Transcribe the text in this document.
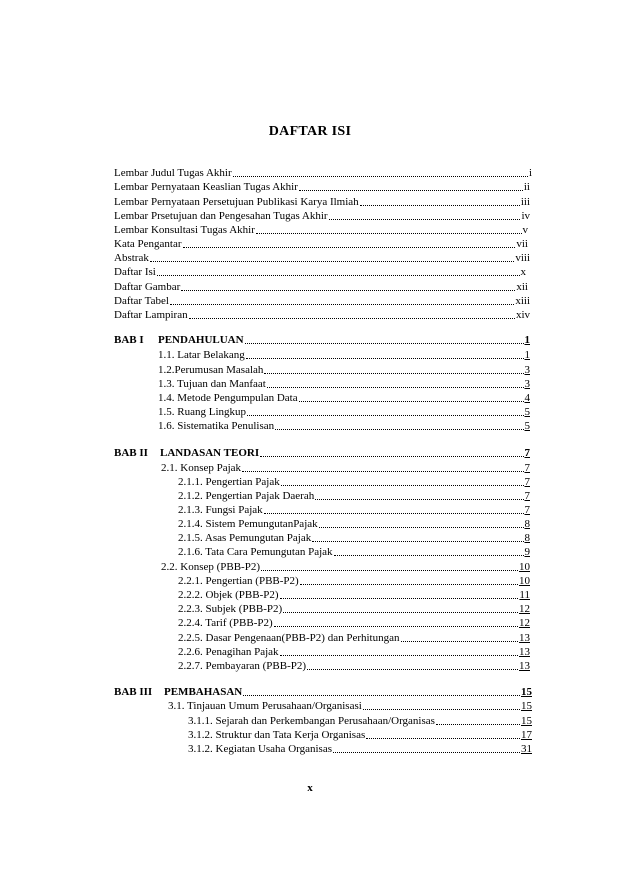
DAFTAR ISI
Lembar Judul Tugas Akhir	i
Lembar Pernyataan Keaslian Tugas Akhir	ii
Lembar Pernyataan Persetujuan Publikasi Karya Ilmiah	iii
Lembar Prsetujuan dan Pengesahan Tugas Akhir	iv
Lembar Konsultasi Tugas Akhir	v
Kata Pengantar	vii
Abstrak	viii
Daftar Isi	x
Daftar Gambar	xii
Daftar Tabel	xiii
Daftar Lampiran	xiv
BAB I PENDAHULUAN	1
1.1. Latar Belakang	1
1.2.Perumusan Masalah	3
1.3. Tujuan dan Manfaat	3
1.4. Metode Pengumpulan Data	4
1.5. Ruang Lingkup	5
1.6. Sistematika Penulisan	5
BAB II LANDASAN TEORI	7
2.1. Konsep Pajak	7
2.1.1. Pengertian Pajak	7
2.1.2. Pengertian Pajak Daerah	7
2.1.3. Fungsi Pajak	7
2.1.4. Sistem PemungutanPajak	8
2.1.5. Asas Pemungutan Pajak	8
2.1.6. Tata Cara Pemungutan Pajak	9
2.2. Konsep (PBB-P2)	10
2.2.1. Pengertian (PBB-P2)	10
2.2.2. Objek (PBB-P2)	11
2.2.3. Subjek (PBB-P2)	12
2.2.4. Tarif (PBB-P2)	12
2.2.5. Dasar Pengenaan(PBB-P2) dan Perhitungan	13
2.2.6. Penagihan Pajak	13
2.2.7. Pembayaran (PBB-P2)	13
BAB III PEMBAHASAN	15
3.1. Tinjauan Umum Perusahaan/Organisasi	15
3.1.1. Sejarah dan Perkembangan Perusahaan/Organisas	15
3.1.2. Struktur dan Tata Kerja Organisas	17
3.1.2. Kegiatan Usaha Organisas	31
x
